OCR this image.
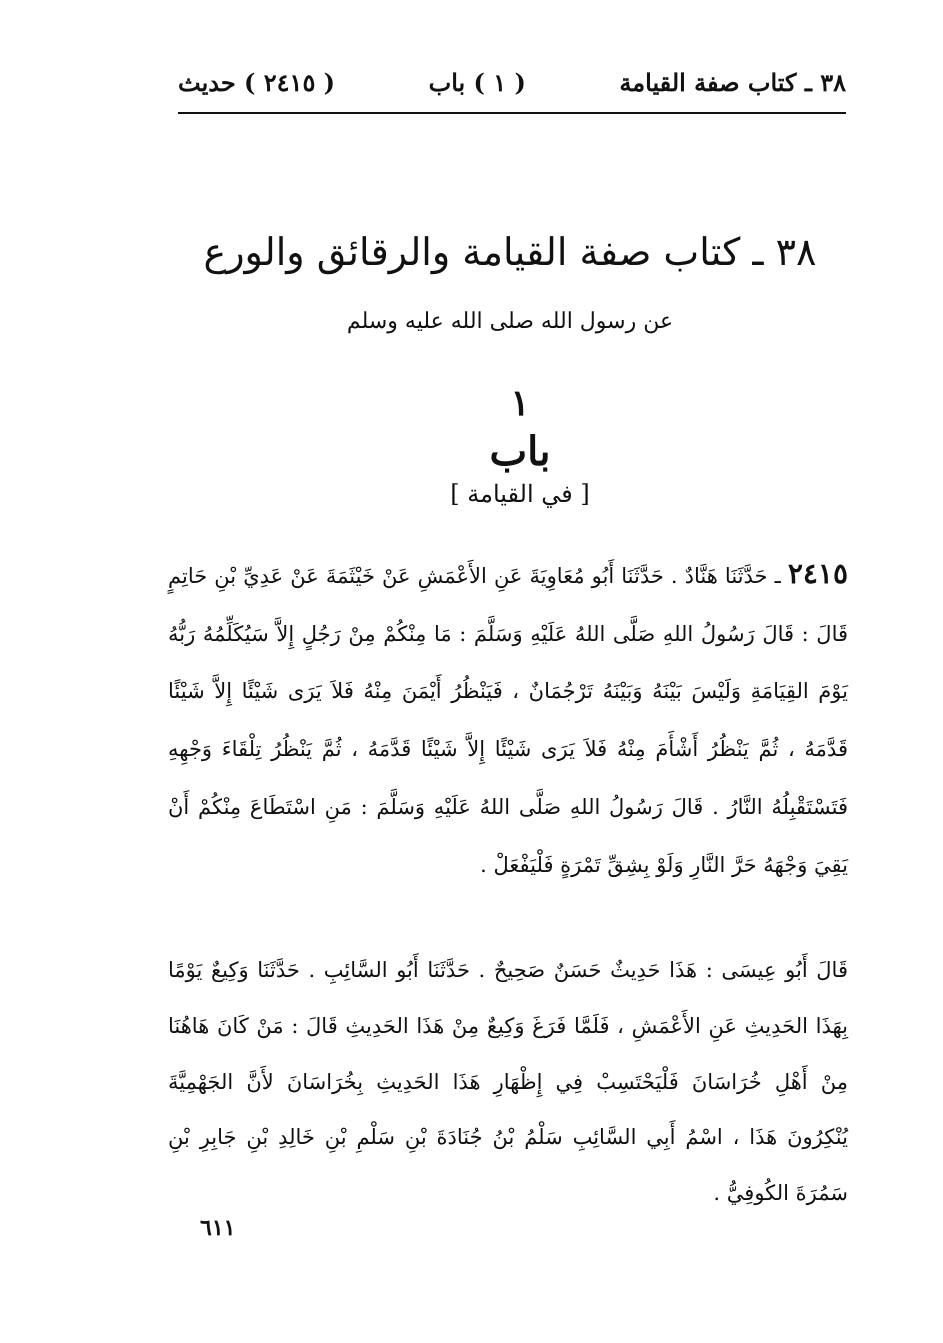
٣٨ ـ كتاب صفة القيامة
( ١ ) باب
( ٢٤١٥ ) حديث
٣٨ ـ كتاب صفة القيامة والرقائق والورع
عن رسول الله صلى الله عليه وسلم
١
باب
[ في القيامة ]

٢٤١٥ ـ حَدَّثَنَا هَنَّادٌ . حَدَّثَنَا أَبُو مُعَاوِيَةَ عَنِ الأَعْمَشِ عَنْ خَيْثَمَةَ عَنْ عَدِيِّ بْنِ حَاتِمٍ قَالَ : قَالَ رَسُولُ اللهِ صَلَّى اللهُ عَلَيْهِ وَسَلَّمَ : مَا مِنْكُمْ مِنْ رَجُلٍ إِلاَّ سَيُكَلِّمُهُ رَبُّهُ يَوْمَ القِيَامَةِ وَلَيْسَ بَيْنَهُ وَبَيْنَهُ تَرْجُمَانٌ ، فَيَنْظُرُ أَيْمَنَ مِنْهُ فَلاَ يَرَى شَيْئًا إِلاَّ شَيْئًا قَدَّمَهُ ، ثُمَّ يَنْظُرُ أَشْأَمَ مِنْهُ فَلاَ يَرَى شَيْئًا إِلاَّ شَيْئًا قَدَّمَهُ ، ثُمَّ يَنْظُرُ تِلْقَاءَ وَجْهِهِ فَتَسْتَقْبِلُهُ النَّارُ . قَالَ رَسُولُ اللهِ صَلَّى اللهُ عَلَيْهِ وَسَلَّمَ : مَنِ اسْتَطَاعَ مِنْكُمْ أَنْ يَقِيَ وَجْهَهُ حَرَّ النَّارِ وَلَوْ بِشِقِّ تَمْرَةٍ فَلْيَفْعَلْ .

قَالَ أَبُو عِيسَى : هَذَا حَدِيثٌ حَسَنٌ صَحِيحٌ . حَدَّثَنَا أَبُو السَّائِبِ . حَدَّثَنَا وَكِيعٌ يَوْمًا بِهَذَا الحَدِيثِ عَنِ الأَعْمَشِ ، فَلَمَّا فَرَغَ وَكِيعٌ مِنْ هَذَا الحَدِيثِ قَالَ : مَنْ كَانَ هَاهُنَا مِنْ أَهْلِ خُرَاسَانَ فَلْيَحْتَسِبْ فِي إِظْهَارِ هَذَا الحَدِيثِ بِخُرَاسَانَ لأَنَّ الجَهْمِيَّةَ يُنْكِرُونَ هَذَا ، اسْمُ أَبِي السَّائِبِ سَلْمُ بْنُ جُنَادَةَ بْنِ سَلْمِ بْنِ خَالِدِ بْنِ جَابِرِ بْنِ سَمُرَةَ الكُوفِيُّ .

٦١١
